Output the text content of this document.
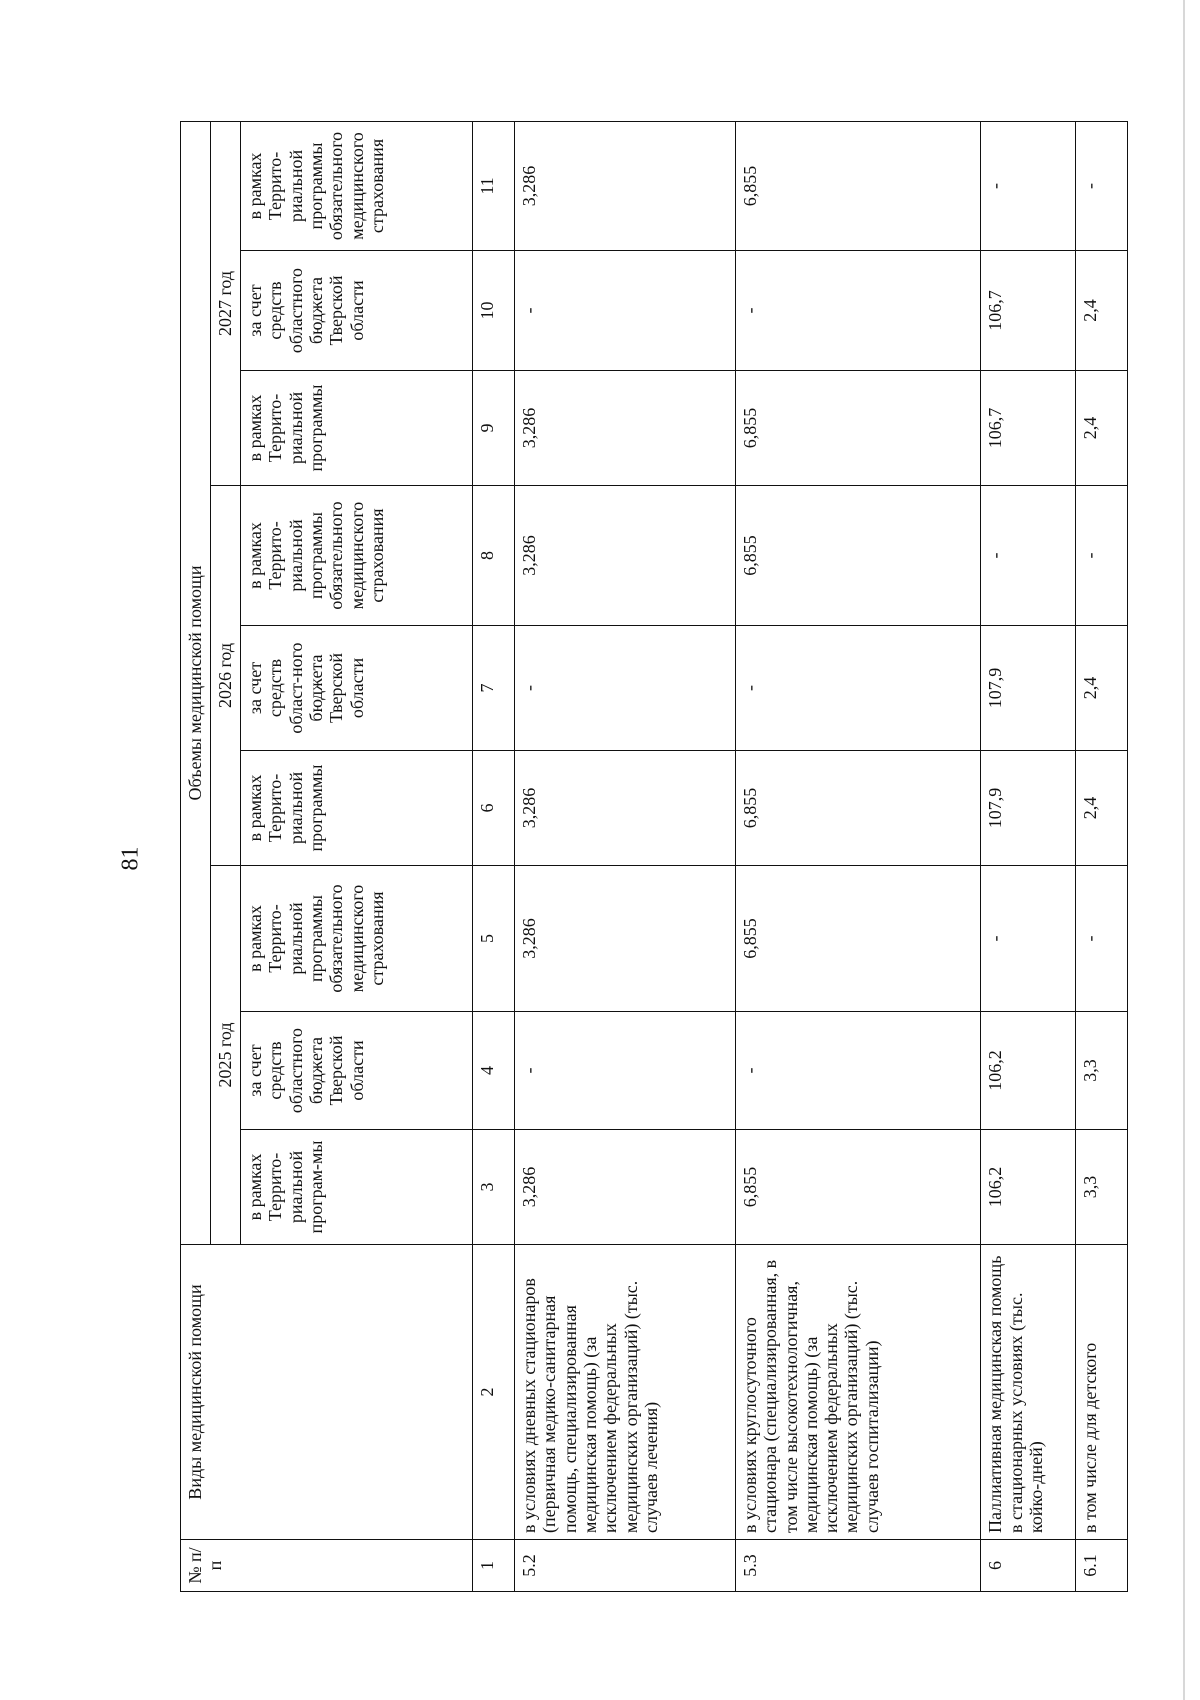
81
№ п/п	Виды медицинской помощи	Объемы медицинской помощи								
		2025 год			2026 год			2027 год		
		в рамках Террито-риальной програм-мы	за счет средств областного бюджета Тверской области	в рамках Террито-риальной программы обязательного медицинского страхования	в рамках Террито-риальной программы	за счет средств област-ного бюджета Тверской области	в рамках Террито-риальной программы обязательного медицинского страхования	в рамках Террито-риальной программы	за счет средств областного бюджета Тверской области	в рамках Террито-риальной программы обязательного медицинского страхования
1	2	3	4	5	6	7	8	9	10	11
5.2	в условиях дневных стационаров (первичная медико-санитарная помощь, специализированная медицинская помощь) (за исключением федеральных медицинских организаций) (тыс. случаев лечения)	3,286	-	3,286	3,286	-	3,286	3,286	-	3,286
5.3	в условиях круглосуточного стационара (специализированная, в том числе высокотехнологичная, медицинская помощь) (за исключением федеральных медицинских организаций) (тыс. случаев госпитализации)	6,855	-	6,855	6,855	-	6,855	6,855	-	6,855
6	Паллиативная медицинская помощь в стационарных условиях (тыс. койко-дней)	106,2	106,2	-	107,9	107,9	-	106,7	106,7	-
6.1	в том числе для детского	3,3	3,3	-	2,4	2,4	-	2,4	2,4	-
